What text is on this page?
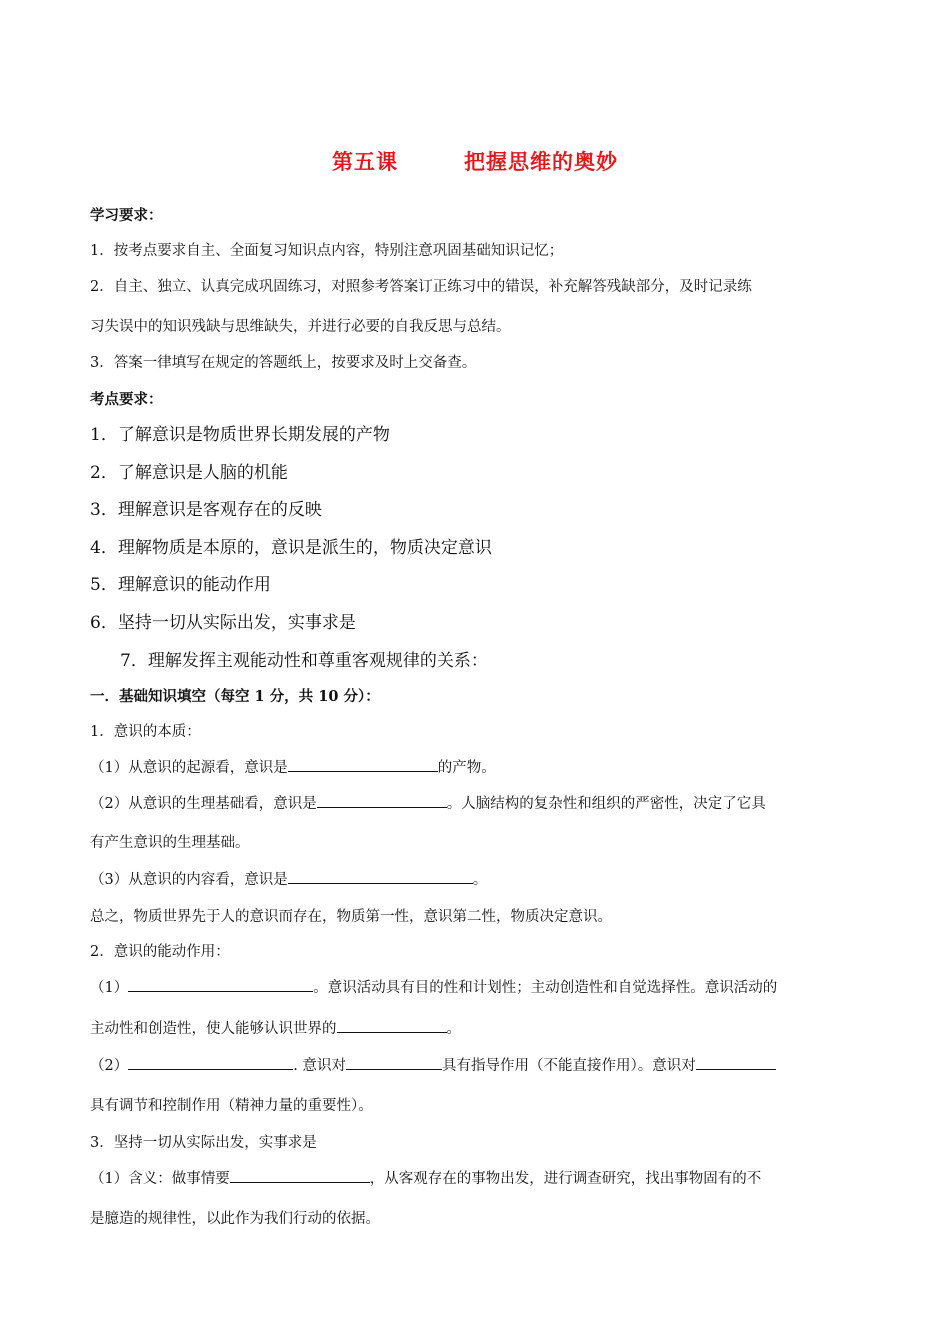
第五课	把握思维的奥妙
学习要求：
1．按考点要求自主、全面复习知识点内容，特别注意巩固基础知识记忆；
2．自主、独立、认真完成巩固练习，对照参考答案订正练习中的错误，补充解答残缺部分，及时记录练
习失误中的知识残缺与思维缺失，并进行必要的自我反思与总结。
3．答案一律填写在规定的答题纸上，按要求及时上交备查。
考点要求：
1．了解意识是物质世界长期发展的产物
2．了解意识是人脑的机能
3．理解意识是客观存在的反映
4．理解物质是本原的，意识是派生的，物质决定意识
5．理解意识的能动作用
6．坚持一切从实际出发，实事求是
7．理解发挥主观能动性和尊重客观规律的关系：
一．基础知识填空（每空 1 分，共 10 分）：
1．意识的本质：
（1）从意识的起源看，意识是	的产物。
（2）从意识的生理基础看，意识是	。人脑结构的复杂性和组织的严密性，决定了它具
有产生意识的生理基础。
（3）从意识的内容看，意识是	。
总之，物质世界先于人的意识而存在，物质第一性，意识第二性，物质决定意识。
2．意识的能动作用：
（1）	。意识活动具有目的性和计划性；主动创造性和自觉选择性。意识活动的
主动性和创造性，使人能够认识世界的	。
（2）	. 意识对	具有指导作用（不能直接作用）。意识对
具有调节和控制作用（精神力量的重要性）。
3．坚持一切从实际出发，实事求是
（1）含义：做事情要	，从客观存在的事物出发，进行调查研究，找出事物固有的不
是臆造的规律性，以此作为我们行动的依据。
